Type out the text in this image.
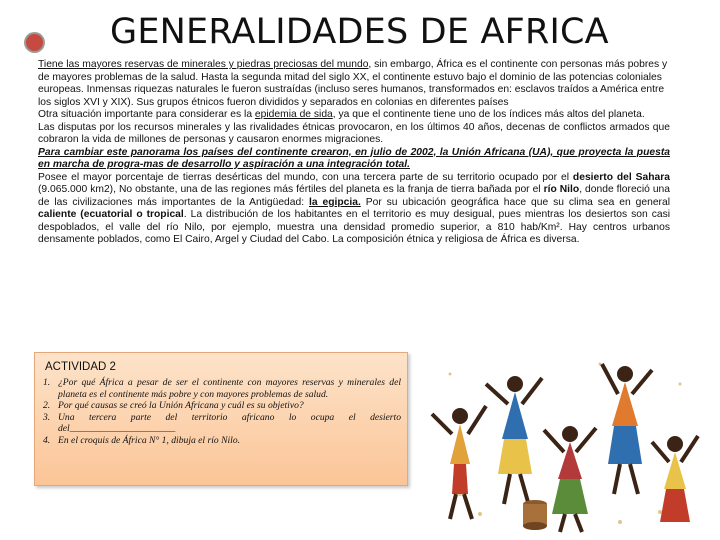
GENERALIDADES DE AFRICA

Tiene las mayores reservas de minerales y piedras preciosas del mundo, sin embargo, África es el continente con personas más pobres y de mayores problemas de la salud. Hasta la segunda mitad del siglo XX, el continente estuvo bajo el dominio de las potencias coloniales europeas. Inmensas riquezas naturales le fueron sustraídas (incluso seres humanos, transformados en: esclavos traídos a América entre los siglos XVI y XIX). Sus grupos étnicos fueron divididos y separados en colonias en diferentes países

Otra situación importante para considerar es la epidemia de sida, ya que el continente tiene uno de los índices más altos del planeta.

Las disputas por los recursos minerales y las rivalidades étnicas provocaron, en los últimos 40 años, decenas de conflictos armados que cobraron la vida de millones de personas y causaron enormes migraciones.

Para cambiar este panorama los países del continente crearon, en julio de 2002, la Unión Africana (UA), que proyecta la puesta en marcha de progra-mas de desarrollo y aspiración a una integración total.

Posee el mayor porcentaje de tierras desérticas del mundo, con una tercera parte de su territorio ocupado por el desierto del Sahara (9.065.000 km2), No obstante, una de las regiones más fértiles del planeta es la franja de tierra bañada por el río Nilo, donde floreció una de las civilizaciones más importantes de la Antigüedad: la egipcia. Por su ubicación geográfica hace que su clima sea en general caliente (ecuatorial o tropical. La distribución de los habitantes en el territorio es muy desigual, pues mientras los desiertos son casi despoblados, el valle del río Nilo, por ejemplo, muestra una densidad promedio superior, a 810 hab/Km². Hay centros urbanos densamente poblados, como El Cairo, Argel y Ciudad del Cabo. La composición étnica y religiosa de África es diversa.

ACTIVIDAD 2
1. ¿Por qué África a pesar de ser el continente con mayores reservas y minerales del planeta es el continente más pobre y con mayores problemas de salud.
2. Por qué causas se creó la Unión Africana y cuál es su objetivo?
3. Una tercera parte del territorio africano lo ocupa el desierto del______________________
4. En el croquis de África N° 1, dibuja el río Nilo.
